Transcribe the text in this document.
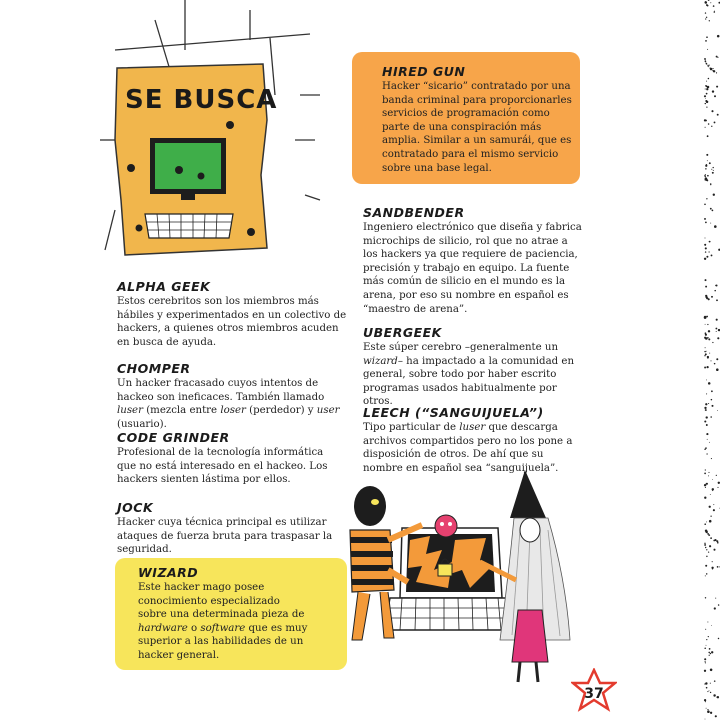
SE BUSCA
HIRED GUN

Hacker “sicario” contratado por una banda criminal para proporcionarles servicios de programación como parte de una conspiración más amplia. Similar a un samurái, que es contratado para el mismo servicio sobre una base legal.

SANDBENDER

Ingeniero electrónico que diseña y fabrica microchips de silicio, rol que no atrae a los hackers ya que requiere de paciencia, precisión y trabajo en equipo. La fuente más común de silicio en el mundo es la arena, por eso su nombre en español es “maestro de arena”.

UBERGEEK

Este súper cerebro –generalmente un wizard– ha impactado a la comunidad en general, sobre todo por haber escrito programas usados habitualmente por otros.

LEECH (“SANGUIJUELA”)

Tipo particular de luser que descarga archivos compartidos pero no los pone a disposición de otros. De ahí que su nombre en español sea “sanguijuela”.

ALPHA GEEK

Estos cerebritos son los miembros más hábiles y experimentados en un colectivo de hackers, a quienes otros miembros acuden en busca de ayuda.

CHOMPER

Un hacker fracasado cuyos intentos de hackeo son ineficaces. También llamado luser (mezcla entre loser (perdedor) y user (usuario).

CODE GRINDER

Profesional de la tecnología informática que no está interesado en el hackeo. Los hackers sienten lástima por ellos.

JOCK

Hacker cuya técnica principal es utilizar ataques de fuerza bruta para traspasar la seguridad.

WIZARD

Este hacker mago posee conocimiento especializado sobre una determinada pieza de hardware o software que es muy superior a las habilidades de un hacker general.

37
